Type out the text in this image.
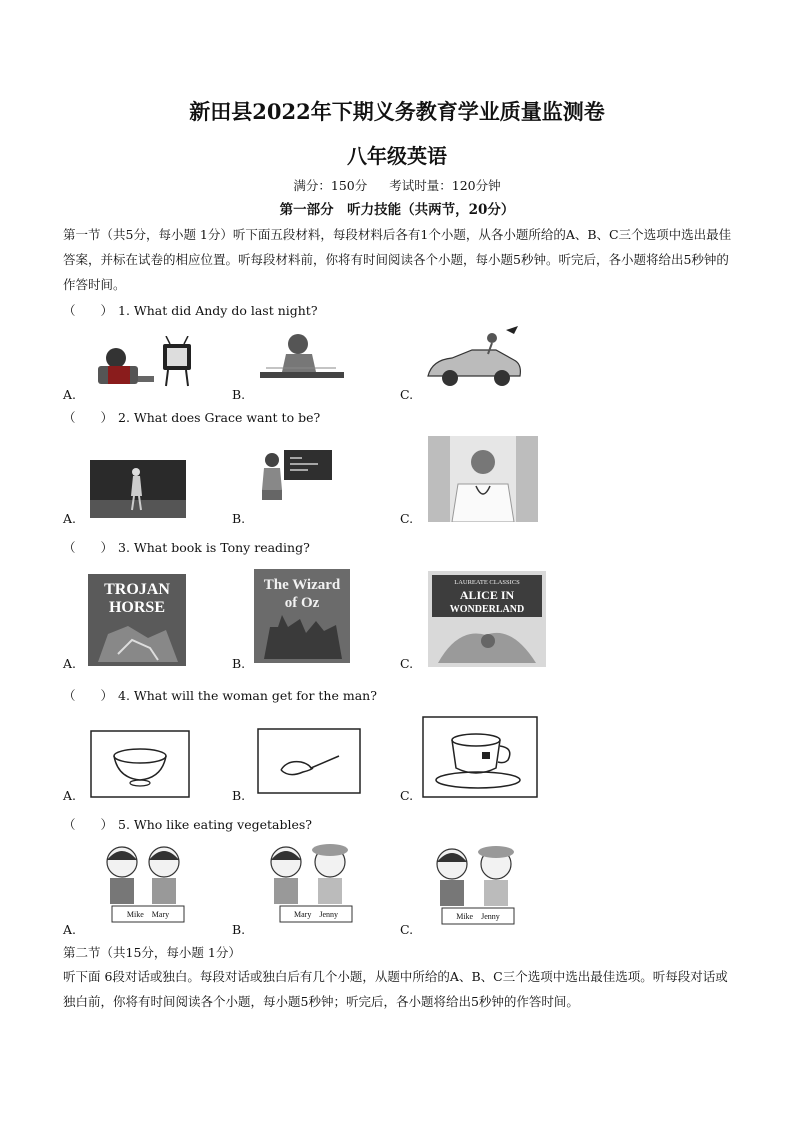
新田县2022年下期义务教育学业质量监测卷
八年级英语
满分：150分 考试时量：120分钟
第一部分　听力技能（共两节，20分）
第一节（共5分，每小题 1分）听下面五段材料，每段材料后各有1个小题，从各小题所给的A、B、C三个选项中选出最佳答案，并标在试卷的相应位置。听每段材料前，你将有时间阅读各个小题，每小题5秒钟。听完后，各小题将给出5秒钟的作答时间。
（　　） 1. What did Andy do last night?
A.	B.	C.
（　　） 2. What does Grace want to be?
A.	B.	C.
（　　） 3. What book is Tony reading?
TROJAN
HORSE
A.
The Wizard
of Oz
B.
LAUREATE CLASSICS
ALICE IN
WONDERLAND
C.
（　　） 4. What will the woman get for the man?
A.	B.	C.
（　　） 5. Who like eating vegetables?
Mike　Mary
A.
Mary　Jenny
B.
Mike　Jenny
C.
第二节（共15分，每小题 1分）
听下面 6段对话或独白。每段对话或独白后有几个小题，从题中所给的A、B、C三个选项中选出最佳选项。听每段对话或独白前，你将有时间阅读各个小题，每小题5秒钟；听完后，各小题将给出5秒钟的作答时间。
